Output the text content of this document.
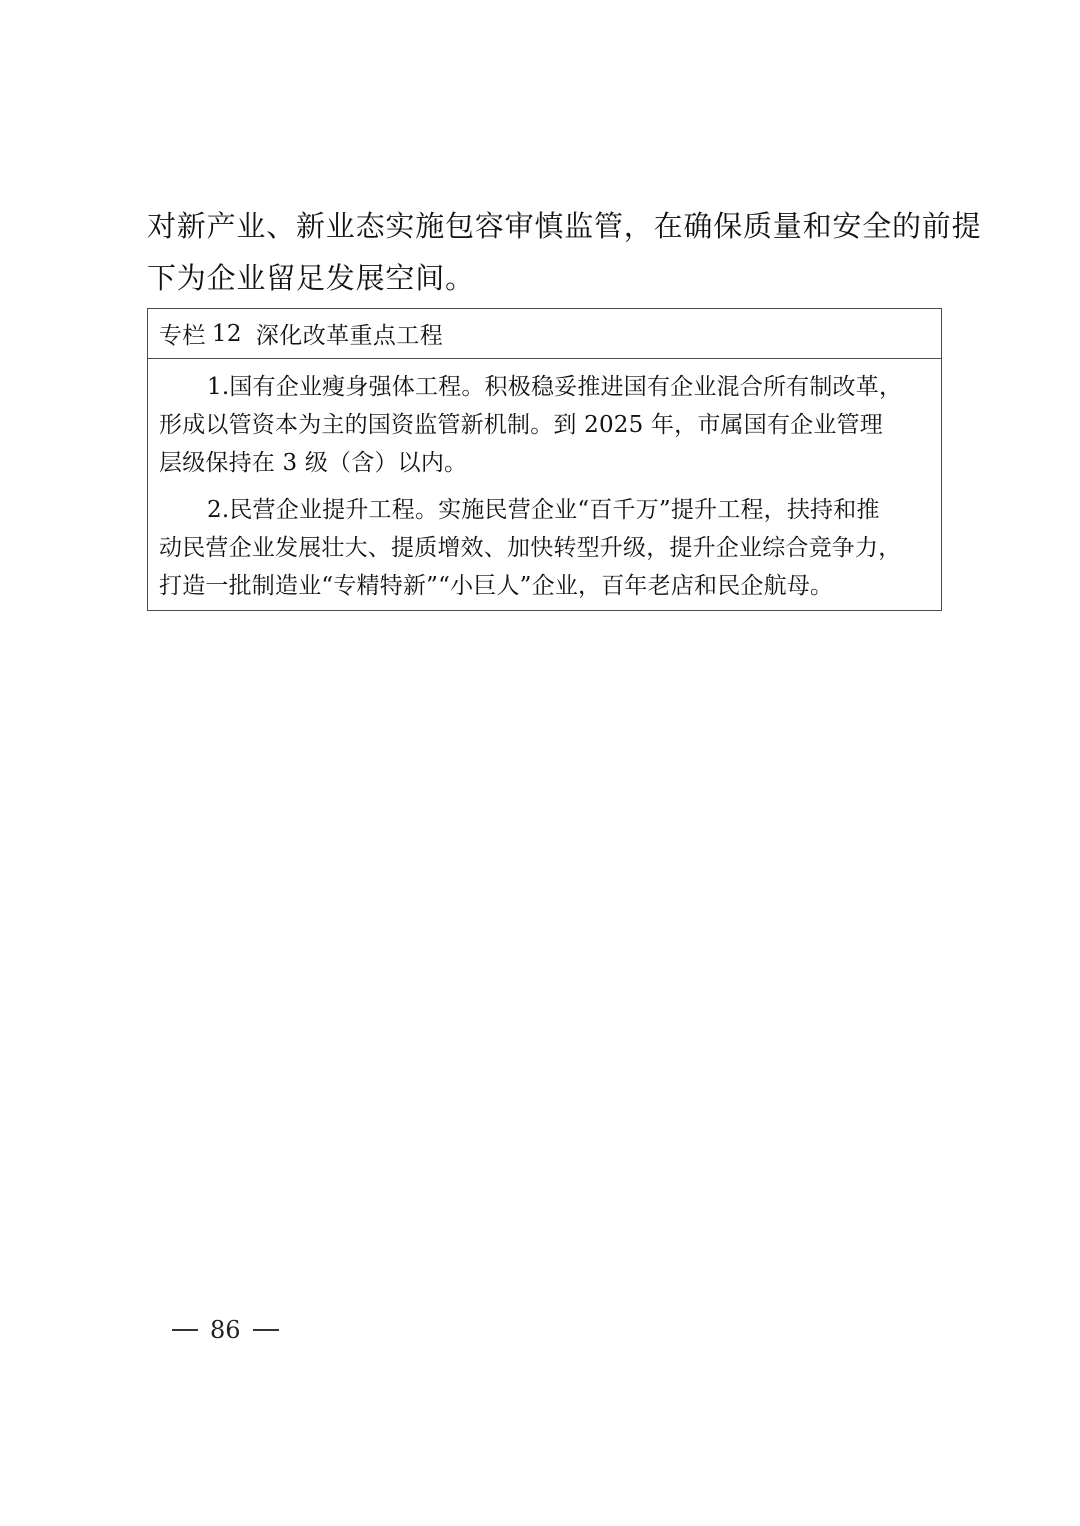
对新产业、新业态实施包容审慎监管，在确保质量和安全的前提
下为企业留足发展空间。

专栏 12 深化改革重点工程
1.国有企业瘦身强体工程。积极稳妥推进国有企业混合所有制改革，
形成以管资本为主的国资监管新机制。到 2025 年，市属国有企业管理
层级保持在 3 级（含）以内。
2.民营企业提升工程。实施民营企业“百千万”提升工程，扶持和推
动民营企业发展壮大、提质增效、加快转型升级，提升企业综合竞争力，
打造一批制造业“专精特新”“小巨人”企业，百年老店和民企航母。
86
